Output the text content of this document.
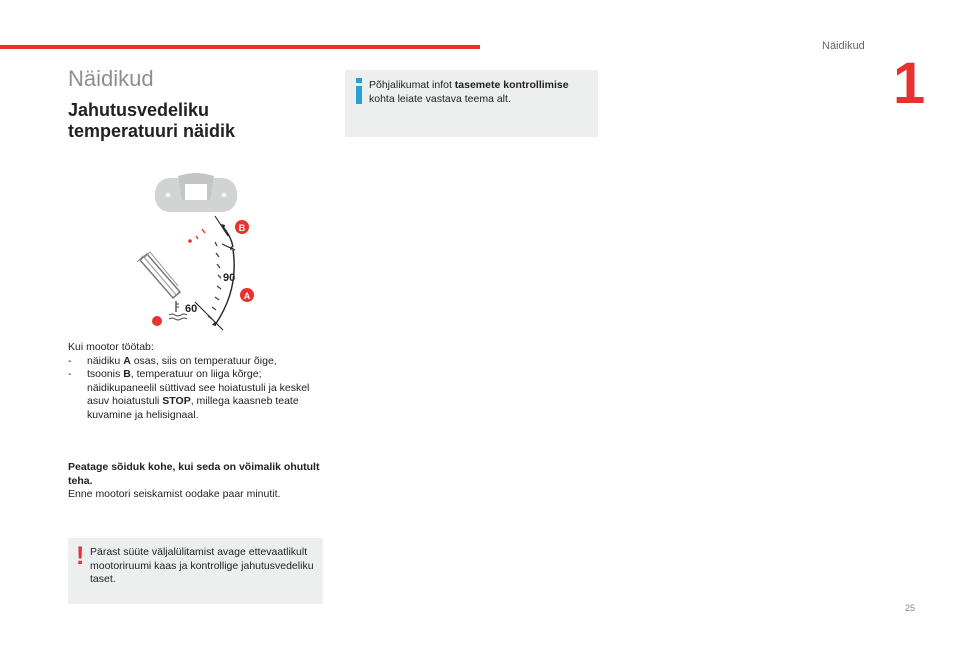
Näidikud
1
25
Näidikud
Jahutusvedeliku
temperatuuri näidik
90
60
B
A

Kui mootor töötab:

- näidiku A osas, siis on temperatuur õige,
- tsoonis B, temperatuur on liiga kõrge; näidikupaneelil süttivad see hoiatustuli ja keskel asuv hoiatustuli STOP, millega kaasneb teate kuvamine ja helisignaal.
Peatage sõiduk kohe, kui seda on võimalik ohutult teha.
Enne mootori seiskamist oodake paar minutit.
! Pärast süüte väljalülitamist avage ettevaatlikult mootoriruumi kaas ja kontrollige jahutusvedeliku taset.
Põhjalikumat infot tasemete kontrollimise kohta leiate vastava teema alt.
